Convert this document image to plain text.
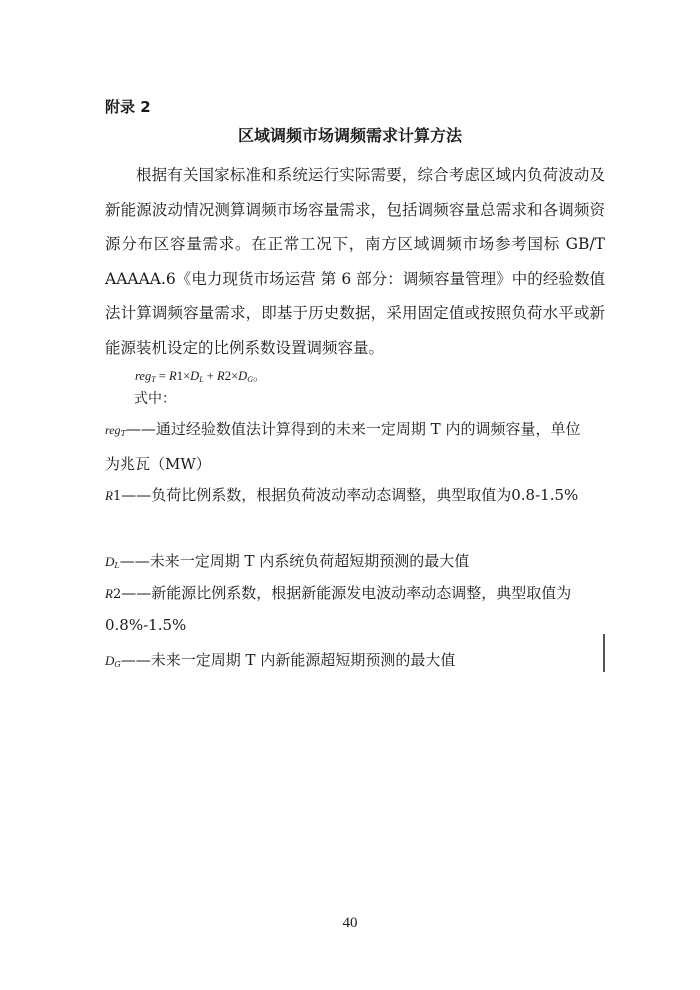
附录 2
区域调频市场调频需求计算方法

根据有关国家标准和系统运行实际需要，综合考虑区域内负荷波动及新能源波动情况测算调频市场容量需求，包括调频容量总需求和各调频资源分布区容量需求。在正常工况下，南方区域调频市场参考国标 GB/T AAAAA.6《电力现货市场运营 第 6 部分：调频容量管理》中的经验数值法计算调频容量需求，即基于历史数据，采用固定值或按照负荷水平或新能源装机设定的比例系数设置调频容量。

$reg_T = R1\times D_L + R2\times D_G$。
式中：
reg$_T$——通过经验数值法计算得到的未来一定周期 T 内的调频容量，单位为兆瓦（MW）
R1——负荷比例系数，根据负荷波动率动态调整，典型取值为0.8-1.5%
$D_L——$未来一定周期 T 内系统负荷超短期预测的最大值
R2——新能源比例系数，根据新能源发电波动率动态调整，典型取值为 0.8%-1.5%
$D_G——$未来一定周期 T 内新能源超短期预测的最大值
40
